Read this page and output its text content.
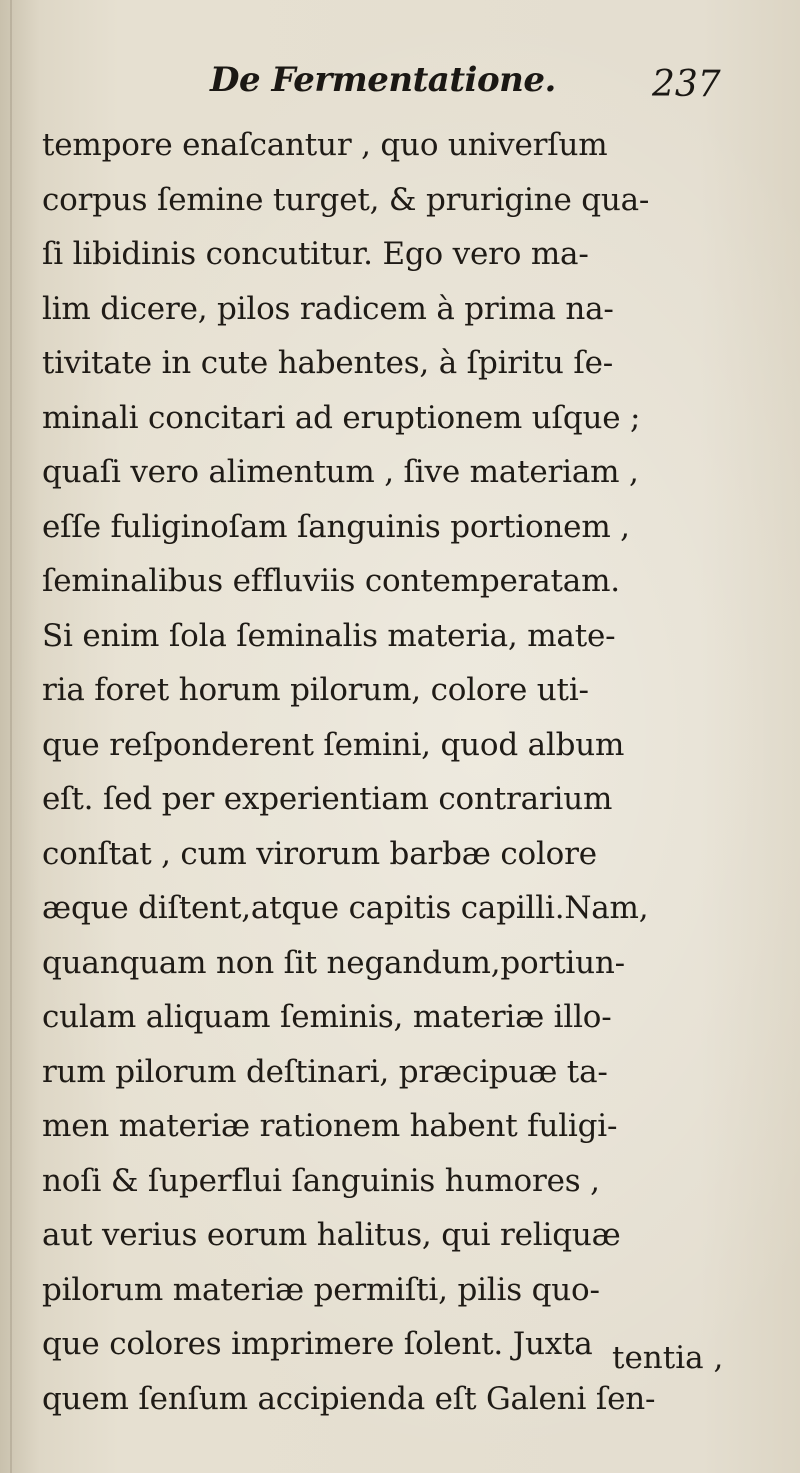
De Fermentatione.	237
tempore enaſcantur , quo univerſum
corpus ſemine turget, & prurigine qua-
ſi libidinis concutitur. Ego vero ma-
lim dicere, pilos radicem à prima na-
tivitate in cute habentes, à ſpiritu ſe-
minali concitari ad eruptionem uſque ;
quaſi vero alimentum , ſive materiam ,
eſſe fuliginoſam ſanguinis portionem ,
ſeminalibus effluviis contemperatam.
Si enim ſola ſeminalis materia, mate-
ria foret horum pilorum, colore uti-
que reſponderent ſemini, quod album
eſt. ſed per experientiam contrarium
conſtat , cum virorum barbæ colore
æque diſtent,atque capitis capilli.Nam,
quanquam non ſit negandum,portiun-
culam aliquam ſeminis, materiæ illo-
rum pilorum deſtinari, præcipuæ ta-
men materiæ rationem habent fuligi-
noſi & ſuperflui ſanguinis humores ,
aut verius eorum halitus, qui reliquæ
pilorum materiæ permiſti, pilis quo-
que colores imprimere ſolent. Juxta
quem ſenſum accipienda eſt Galeni ſen-
tentia ,
